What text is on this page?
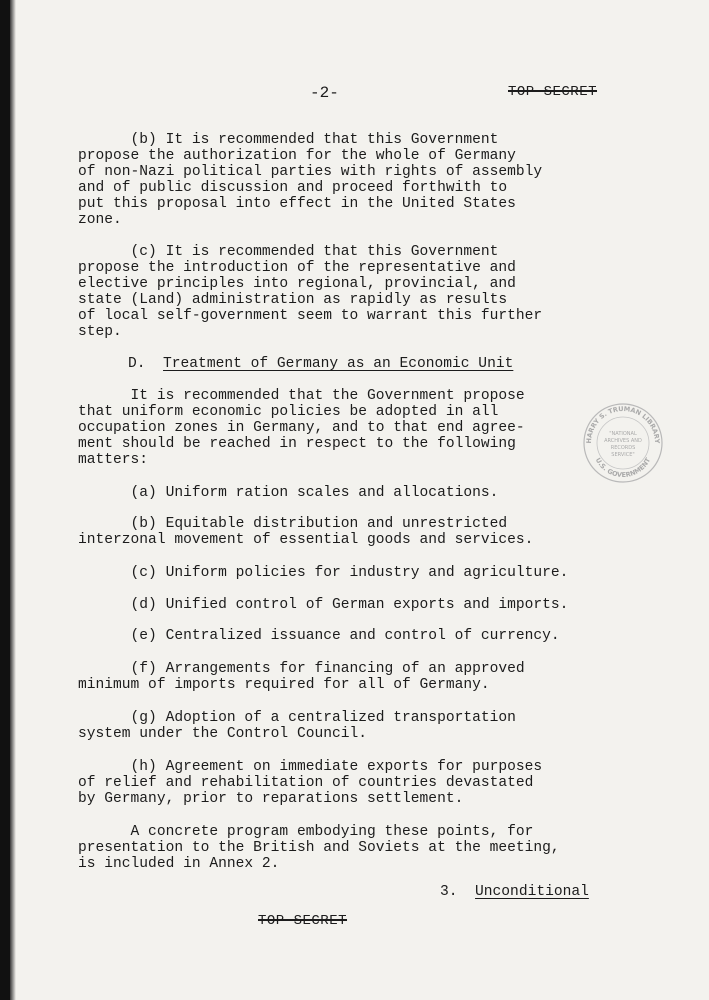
-2-	TOP SECRET

(b) It is recommended that this Government
propose the authorization for the whole of Germany
of non-Nazi political parties with rights of assembly
and of public discussion and proceed forthwith to
put this proposal into effect in the United States
zone.

(c) It is recommended that this Government
propose the introduction of the representative and
elective principles into regional, provincial, and
state (Land) administration as rapidly as results
of local self-government seem to warrant this further
step.

D. Treatment of Germany as an Economic Unit

It is recommended that the Government propose
that uniform economic policies be adopted in all
occupation zones in Germany, and to that end agree-
ment should be reached in respect to the following
matters:

(a) Uniform ration scales and allocations.

(b) Equitable distribution and unrestricted
interzonal movement of essential goods and services.

(c) Uniform policies for industry and agriculture.

(d) Unified control of German exports and imports.

(e) Centralized issuance and control of currency.

(f) Arrangements for financing of an approved
minimum of imports required for all of Germany.

(g) Adoption of a centralized transportation
system under the Control Council.

(h) Agreement on immediate exports for purposes
of relief and rehabilitation of countries devastated
by Germany, prior to reparations settlement.

A concrete program embodying these points, for
presentation to the British and Soviets at the meeting,
is included in Annex 2.

3. Unconditional
TOP SECRET
HARRY S. TRUMAN LIBRARY
U.S. GOVERNMENT
"NATIONAL
ARCHIVES AND
RECORDS
SERVICE"
